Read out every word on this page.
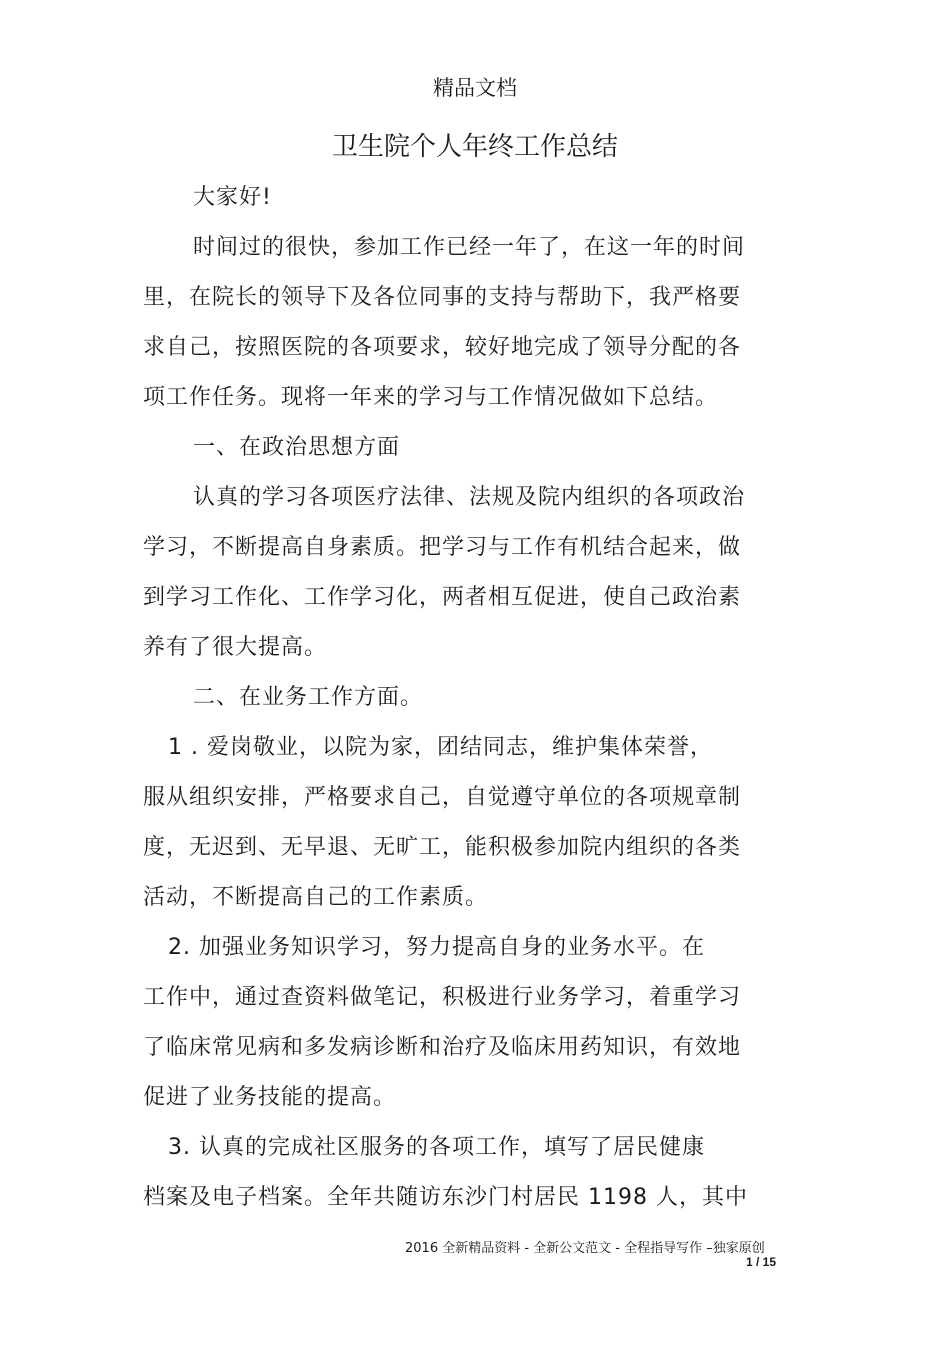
精品文档
卫生院个人年终工作总结
大家好!
时间过的很快，参加工作已经一年了，在这一年的时间
里，在院长的领导下及各位同事的支持与帮助下，我严格要
求自己，按照医院的各项要求，较好地完成了领导分配的各
项工作任务。现将一年来的学习与工作情况做如下总结。
一、在政治思想方面
认真的学习各项医疗法律、法规及院内组织的各项政治
学习，不断提高自身素质。把学习与工作有机结合起来，做
到学习工作化、工作学习化，两者相互促进，使自己政治素
养有了很大提高。
二、在业务工作方面。
1 . 爱岗敬业，以院为家，团结同志，维护集体荣誉，
服从组织安排，严格要求自己，自觉遵守单位的各项规章制
度，无迟到、无早退、无旷工，能积极参加院内组织的各类
活动，不断提高自己的工作素质。
2. 加强业务知识学习，努力提高自身的业务水平。在
工作中，通过查资料做笔记，积极进行业务学习，着重学习
了临床常见病和多发病诊断和治疗及临床用药知识，有效地
促进了业务技能的提高。
3. 认真的完成社区服务的各项工作，填写了居民健康
档案及电子档案。全年共随访东沙门村居民 1198 人，其中
2016 全新精品资料 - 全新公文范文 - 全程指导写作 –独家原创
1 / 15
